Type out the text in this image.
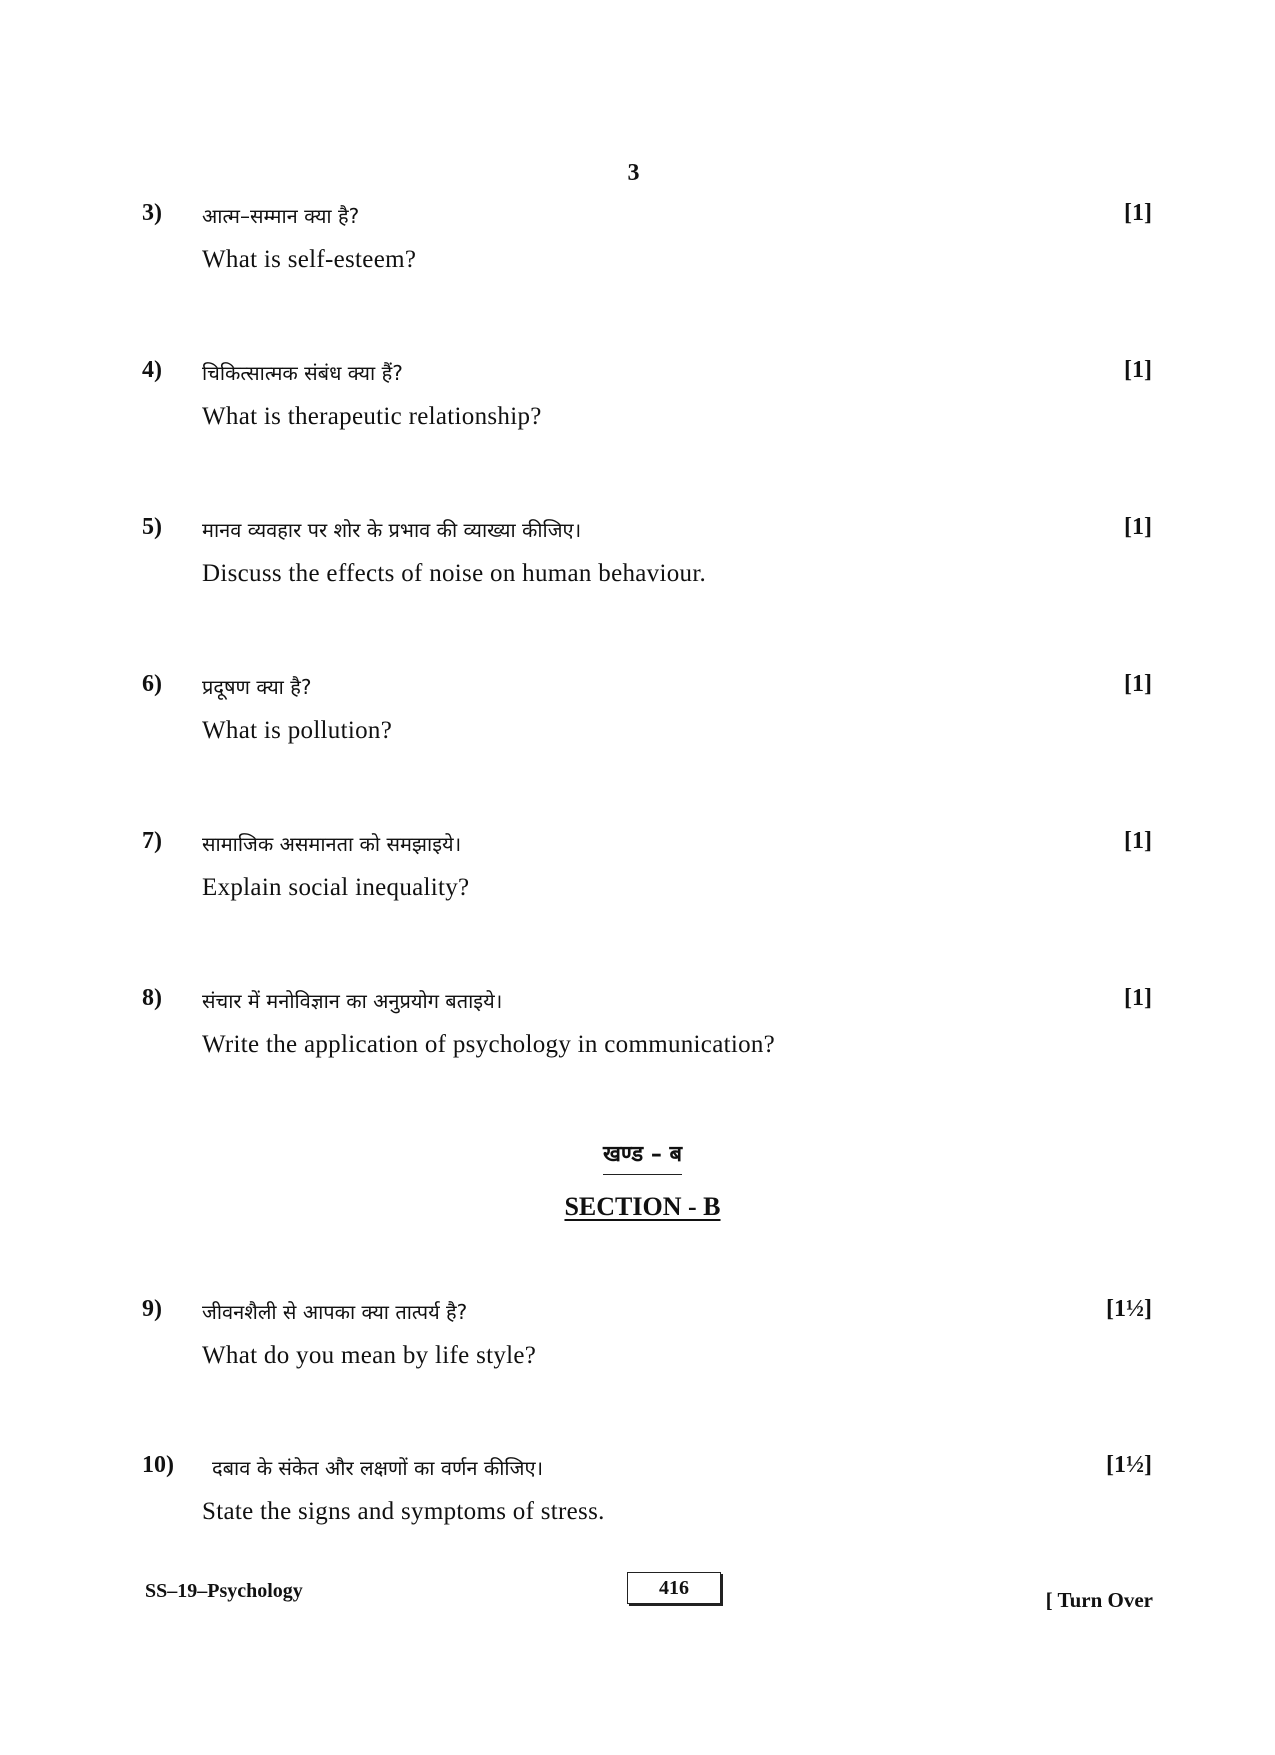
3
3) आत्म–सम्मान क्या है?	[1]
What is self-esteem?
4) चिकित्सात्मक संबंध क्या हैं?	[1]
What is therapeutic relationship?
5) मानव व्यवहार पर शोर के प्रभाव की व्याख्या कीजिए।	[1]
Discuss the effects of noise on human behaviour.
6) प्रदूषण क्या है?	[1]
What is pollution?
7) सामाजिक असमानता को समझाइये।	[1]
Explain social inequality?
8) संचार में मनोविज्ञान का अनुप्रयोग बताइये।	[1]
Write the application of psychology in communication?
खण्ड – ब
SECTION - B
9) जीवनशैली से आपका क्या तात्पर्य है?	[1½]
What do you mean by life style?
10) दबाव के संकेत और लक्षणों का वर्णन कीजिए।	[1½]
State the signs and symptoms of stress.
SS–19–Psychology	416	[ Turn Over
